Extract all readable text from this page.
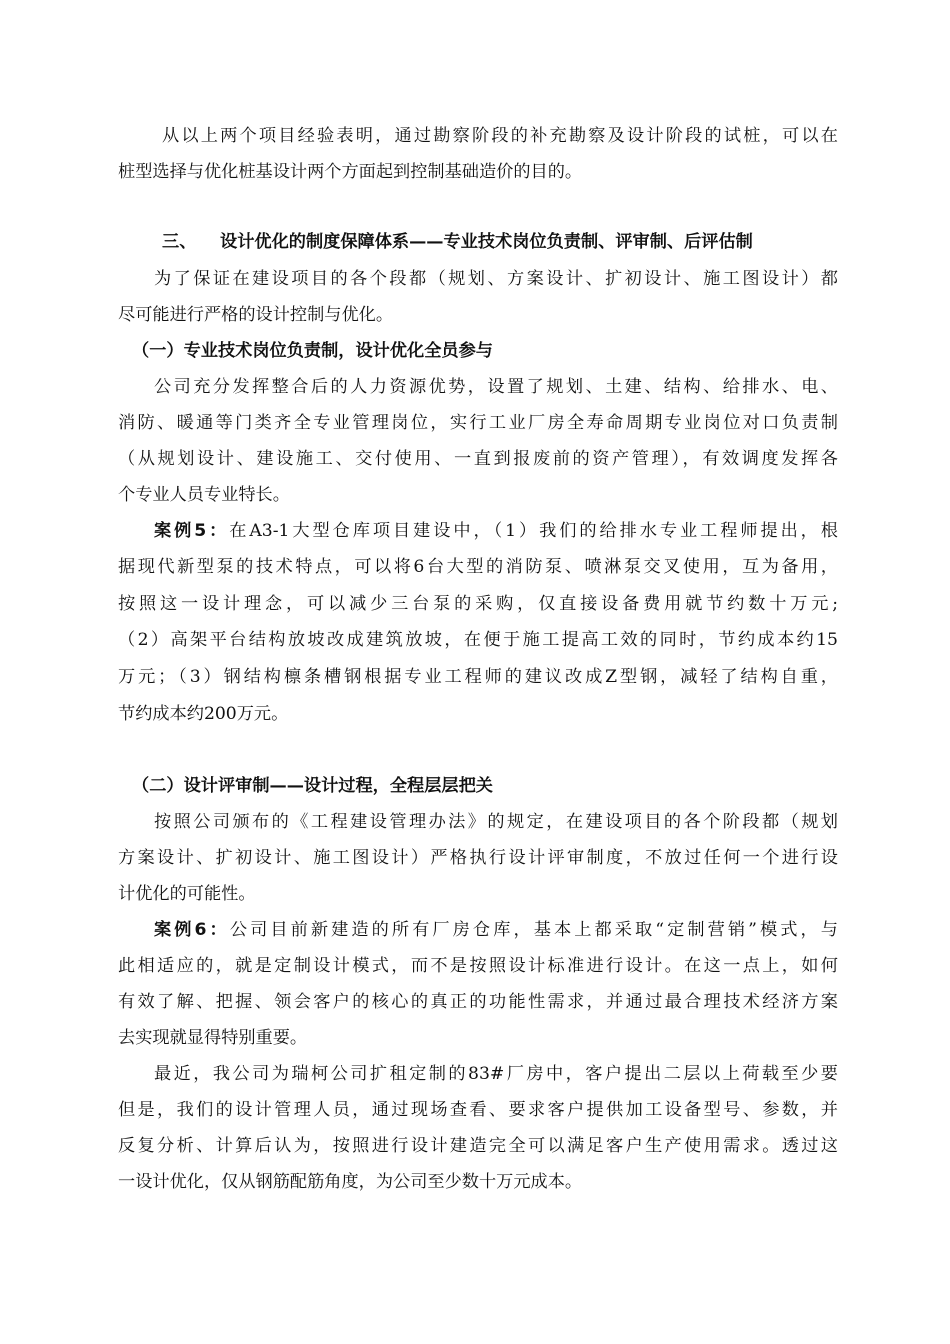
从以上两个项目经验表明，通过勘察阶段的补充勘察及设计阶段的试桩，可以在
桩型选择与优化桩基设计两个方面起到控制基础造价的目的。
三、 设计优化的制度保障体系——专业技术岗位负责制、评审制、后评估制
为了保证在建设项目的各个段都（规划、方案设计、扩初设计、施工图设计）都
尽可能进行严格的设计控制与优化。
（一）专业技术岗位负责制，设计优化全员参与
公司充分发挥整合后的人力资源优势，设置了规划、土建、结构、给排水、电、
消防、暖通等门类齐全专业管理岗位，实行工业厂房全寿命周期专业岗位对口负责制
（从规划设计、建设施工、交付使用、一直到报废前的资产管理），有效调度发挥各
个专业人员专业特长。
案例5：在A3-1大型仓库项目建设中，（1）我们的给排水专业工程师提出，根
据现代新型泵的技术特点，可以将6台大型的消防泵、喷淋泵交叉使用，互为备用，
按照这一设计理念，可以减少三台泵的采购，仅直接设备费用就节约数十万元;
（2）高架平台结构放坡改成建筑放坡，在便于施工提高工效的同时，节约成本约15
万元；（3）钢结构檩条槽钢根据专业工程师的建议改成Z型钢，减轻了结构自重，
节约成本约200万元。
（二）设计评审制——设计过程，全程层层把关
按照公司颁布的《工程建设管理办法》的规定，在建设项目的各个阶段都（规划
方案设计、扩初设计、施工图设计）严格执行设计评审制度，不放过任何一个进行设
计优化的可能性。
案例6：公司目前新建造的所有厂房仓库，基本上都采取“定制营销”模式，与
此相适应的，就是定制设计模式，而不是按照设计标准进行设计。在这一点上，如何
有效了解、把握、领会客户的核心的真正的功能性需求，并通过最合理技术经济方案
去实现就显得特别重要。
最近，我公司为瑞柯公司扩租定制的83#厂房中，客户提出二层以上荷载至少要
但是，我们的设计管理人员，通过现场查看、要求客户提供加工设备型号、参数，并
反复分析、计算后认为，按照进行设计建造完全可以满足客户生产使用需求。透过这
一设计优化，仅从钢筋配筋角度，为公司至少数十万元成本。
